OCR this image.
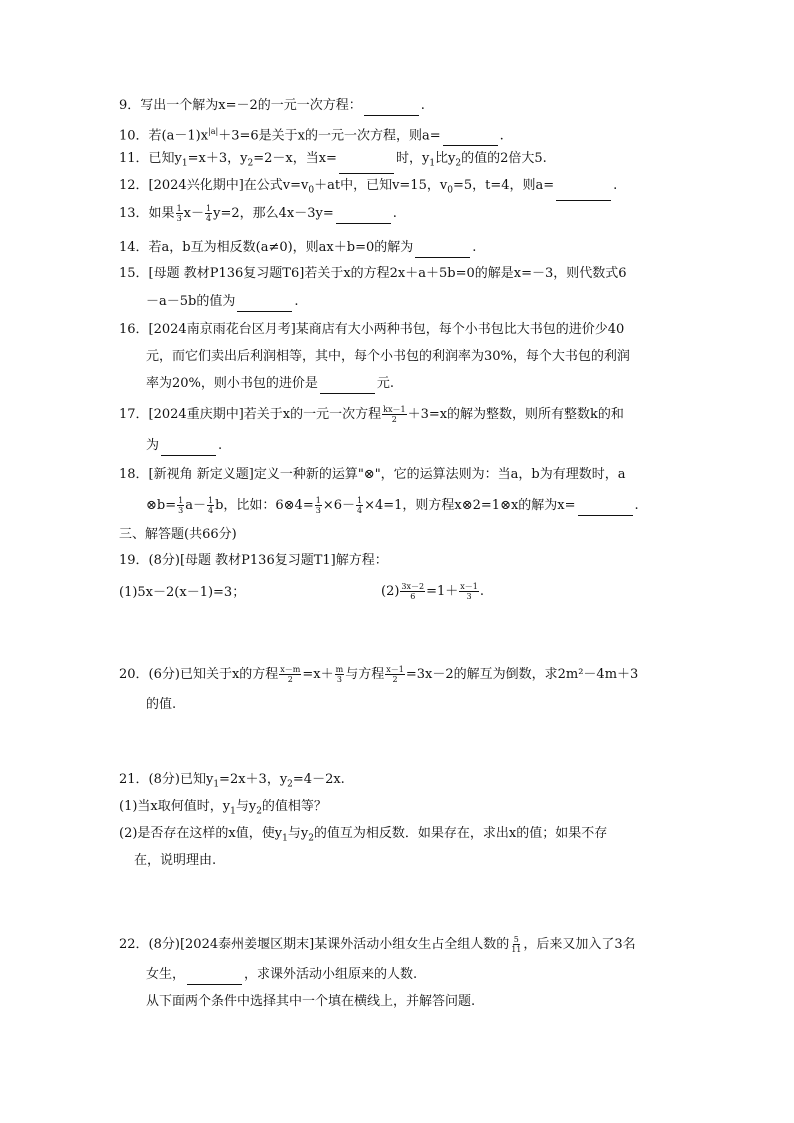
9．写出一个解为x=－2的一元一次方程：	.
10．若$(a-1)x^{|a|}+3=6$是关于x的一元一次方程，则a=	.
11．已知$y_1=x+3$，$y_2=2-x$，当x=	时，$y_1$比$y_2$的值的2倍大5.
12．[2024兴化期中]在公式$v=v_0+at$中，已知v=15，$v_0=5$，t=4，则a=	.
13．如果 $\frac{1}{3} x- \frac{1}{4} y=2$，那么4x－3y=	.
14．若a，b互为相反数(a≠0)，则ax＋b=0的解为	.
15．[母题 教材P136复习题T6]若关于x的方程2x＋a＋5b=0的解是x=－3，则代数式6
－a－5b的值为	.
16．[2024南京雨花台区月考]某商店有大小两种书包，每个小书包比大书包的进价少40
元，而它们卖出后利润相等，其中，每个小书包的利润率为30%，每个大书包的利润
率为20%，则小书包的进价是	元.
17．[2024重庆期中]若关于x的一元一次方程 $\frac{kx-1}{2} +3=x$的解为整数，则所有整数k的和
为	.
18．[新视角 新定义题]定义一种新的运算"⊗"，它的运算法则为：当a，b为有理数时，a
⊗b= $\frac{1}{3} a- \frac{1}{4}$ b，比如：6⊗4= $\frac{1}{3} \times 6- \frac{1}{4} \times 4=1$，则方程x⊗2=1⊗x的解为x=	.
三、解答题(共66分)
19．(8分)[母题 教材P136复习题T1]解方程：
(1)5x－2(x－1)=3；	$(2) \frac{3x-2}{6} =1+ \frac{x-1}{3}$ .
20．(6分)已知关于x的方程 $\frac{x-m}{2} =x+ \frac{m}{3}$ 与方程 $\frac{x-1}{2} =3x-2$的解互为倒数，求2m²－4m＋3
的值.
21．(8分)已知$y_1=2x+3$，$y_2=4-2x$.
(1)当x取何值时，$y_1$与$y_2$的值相等？
(2)是否存在这样的x值，使$y_1$与$y_2$的值互为相反数．如果存在，求出x的值；如果不存
在，说明理由.
22．(8分)[2024泰州姜堰区期末]某课外活动小组女生占全组人数的 $\frac{5}{11}$ ，后来又加入了3名
女生，	，求课外活动小组原来的人数.
从下面两个条件中选择其中一个填在横线上，并解答问题.
